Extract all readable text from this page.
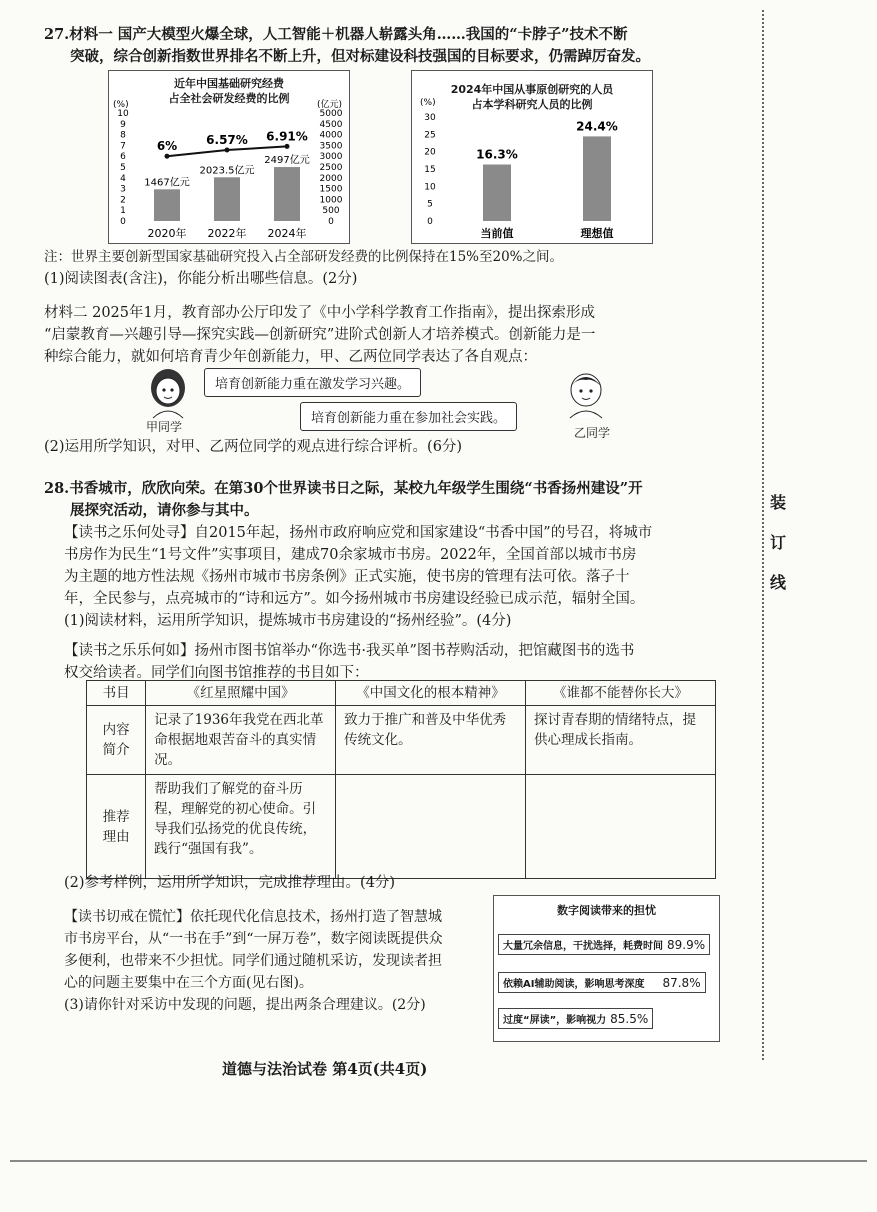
27.材料一 国产大模型火爆全球，人工智能＋机器人崭露头角……我国的“卡脖子”技术不断
突破，综合创新指数世界排名不断上升，但对标建设科技强国的目标要求，仍需踔厉奋发。
近年中国基础研究经费
占全社会研发经费的比例
(%)	(亿元)
0
1
2
3
4
5
6
7
8
9
10
0
500
1000
1500
2000
2500
3000
3500
4000
4500
5000
1467亿元
2020年
2023.5亿元
2022年
2497亿元
2024年
6% 6.57% 6.91%
2024年中国从事原创研究的人员
占本学科研究人员的比例
(%)
0
5
10
15
20
25
30
16.3%
当前值
24.4%
理想值
注：世界主要创新型国家基础研究投入占全部研发经费的比例保持在15%至20%之间。
(1)阅读图表(含注)，你能分析出哪些信息。(2分)
材料二 2025年1月，教育部办公厅印发了《中小学科学教育工作指南》，提出探索形成
“启蒙教育—兴趣引导—探究实践—创新研究”进阶式创新人才培养模式。创新能力是一
种综合能力，就如何培育青少年创新能力，甲、乙两位同学表达了各自观点：
甲同学
培育创新能力重在激发学习兴趣。
培育创新能力重在参加社会实践。
乙同学
(2)运用所学知识，对甲、乙两位同学的观点进行综合评析。(6分)
28.书香城市，欣欣向荣。在第30个世界读书日之际，某校九年级学生围绕“书香扬州建设”开
展探究活动，请你参与其中。
【读书之乐何处寻】自2015年起，扬州市政府响应党和国家建设“书香中国”的号召，将城市
书房作为民生“1号文件”实事项目，建成70余家城市书房。2022年，全国首部以城市书房
为主题的地方性法规《扬州市城市书房条例》正式实施，使书房的管理有法可依。落子十
年，全民参与，点亮城市的“诗和远方”。如今扬州城市书房建设经验已成示范，辐射全国。
(1)阅读材料，运用所学知识，提炼城市书房建设的“扬州经验”。(4分)
【读书之乐乐何如】扬州市图书馆举办“你选书·我买单”图书荐购活动，把馆藏图书的选书
权交给读者。同学们向图书馆推荐的书目如下：
书目	《红星照耀中国》	《中国文化的根本精神》	《谁都不能替你长大》

内容简介	记录了1936年我党在西北革命根据地艰苦奋斗的真实情况。	致力于推广和普及中华优秀传统文化。	探讨青春期的情绪特点，提供心理成长指南。

推荐理由	帮助我们了解党的奋斗历程，理解党的初心使命。引导我们弘扬党的优良传统，践行“强国有我”。		
(2)参考样例，运用所学知识，完成推荐理由。(4分)
【读书切戒在慌忙】依托现代化信息技术，扬州打造了智慧城
市书房平台，从“一书在手”到“一屏万卷”，数字阅读既提供众
多便利，也带来不少担忧。同学们通过随机采访，发现读者担
心的问题主要集中在三个方面(见右图)。
(3)请你针对采访中发现的问题，提出两条合理建议。(2分)
数字阅读带来的担忧
大量冗余信息，干扰选择，耗费时间 89.9%
依赖AI辅助阅读，影响思考深度 87.8%
过度“屏读”，影响视力 85.5%
道德与法治试卷 第4页(共4页)
装
订
线
